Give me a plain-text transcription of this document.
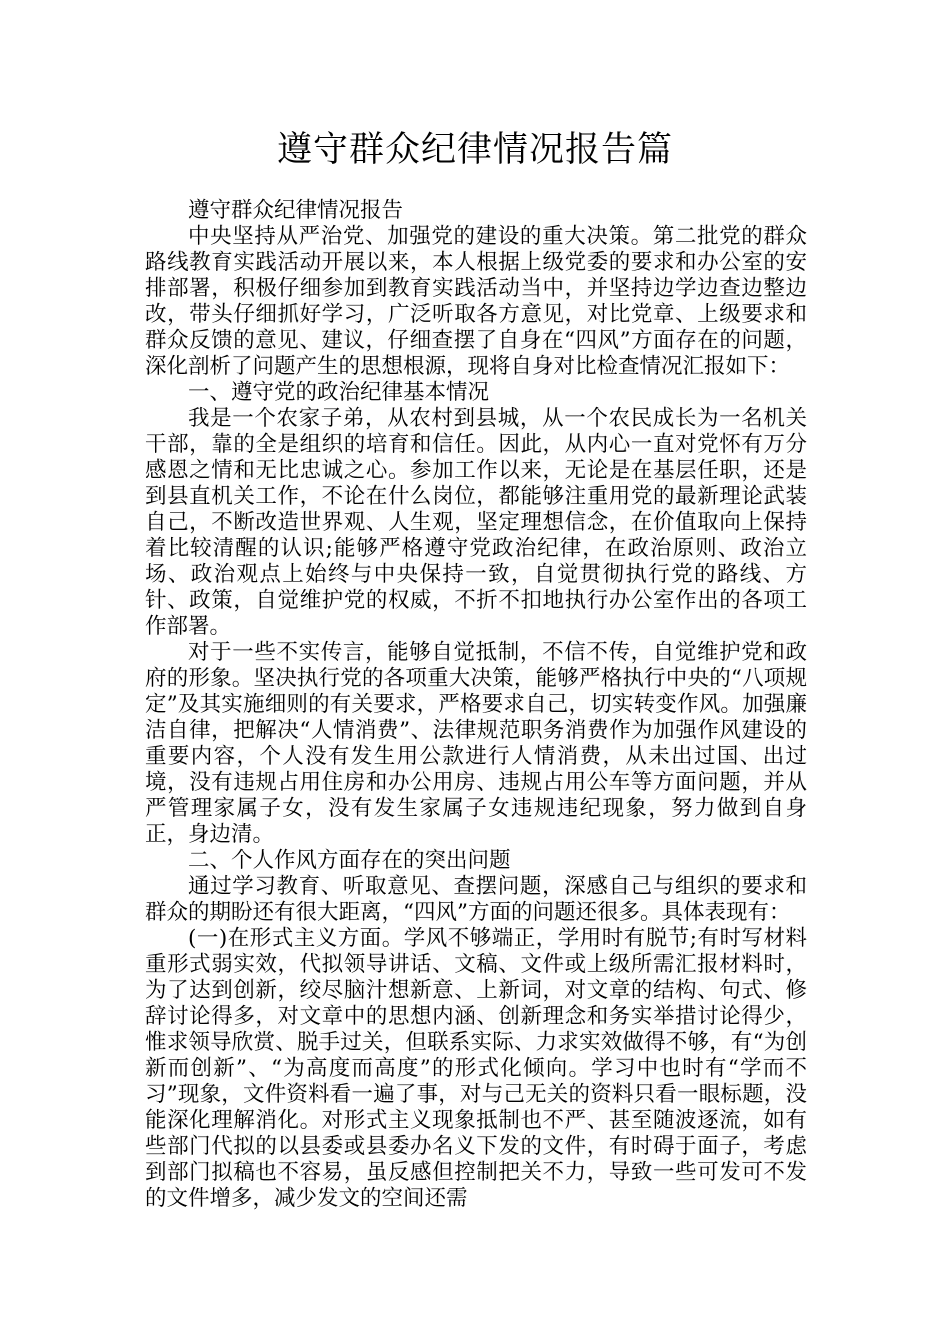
遵守群众纪律情况报告篇

遵守群众纪律情况报告

中央坚持从严治党、加强党的建设的重大决策。第二批党的群众路线教育实践活动开展以来，本人根据上级党委的要求和办公室的安排部署，积极仔细参加到教育实践活动当中，并坚持边学边查边整边改，带头仔细抓好学习，广泛听取各方意见，对比党章、上级要求和群众反馈的意见、建议，仔细查摆了自身在“四风”方面存在的问题，深化剖析了问题产生的思想根源，现将自身对比检查情况汇报如下：

一、遵守党的政治纪律基本情况

我是一个农家子弟，从农村到县城，从一个农民成长为一名机关干部，靠的全是组织的培育和信任。因此，从内心一直对党怀有万分感恩之情和无比忠诚之心。参加工作以来，无论是在基层任职，还是到县直机关工作，不论在什么岗位，都能够注重用党的最新理论武装自己，不断改造世界观、人生观，坚定理想信念，在价值取向上保持着比较清醒的认识;能够严格遵守党政治纪律，在政治原则、政治立场、政治观点上始终与中央保持一致，自觉贯彻执行党的路线、方针、政策，自觉维护党的权威，不折不扣地执行办公室作出的各项工作部署。

对于一些不实传言，能够自觉抵制，不信不传，自觉维护党和政府的形象。坚决执行党的各项重大决策，能够严格执行中央的“八项规定”及其实施细则的有关要求，严格要求自己，切实转变作风。加强廉洁自律，把解决“人情消费”、法律规范职务消费作为加强作风建设的重要内容，个人没有发生用公款进行人情消费，从未出过国、出过境，没有违规占用住房和办公用房、违规占用公车等方面问题，并从严管理家属子女，没有发生家属子女违规违纪现象，努力做到自身正，身边清。

二、个人作风方面存在的突出问题

通过学习教育、听取意见、查摆问题，深感自己与组织的要求和群众的期盼还有很大距离，“四风”方面的问题还很多。具体表现有：

(一)在形式主义方面。学风不够端正，学用时有脱节;有时写材料重形式弱实效，代拟领导讲话、文稿、文件或上级所需汇报材料时，为了达到创新，绞尽脑汁想新意、上新词，对文章的结构、句式、修辞讨论得多，对文章中的思想内涵、创新理念和务实举措讨论得少，惟求领导欣赏、脱手过关，但联系实际、力求实效做得不够，有“为创新而创新”、“为高度而高度”的形式化倾向。学习中也时有“学而不习”现象，文件资料看一遍了事，对与己无关的资料只看一眼标题，没能深化理解消化。对形式主义现象抵制也不严、甚至随波逐流，如有些部门代拟的以县委或县委办名义下发的文件，有时碍于面子，考虑到部门拟稿也不容易，虽反感但控制把关不力，导致一些可发可不发的文件增多，减少发文的空间还需
